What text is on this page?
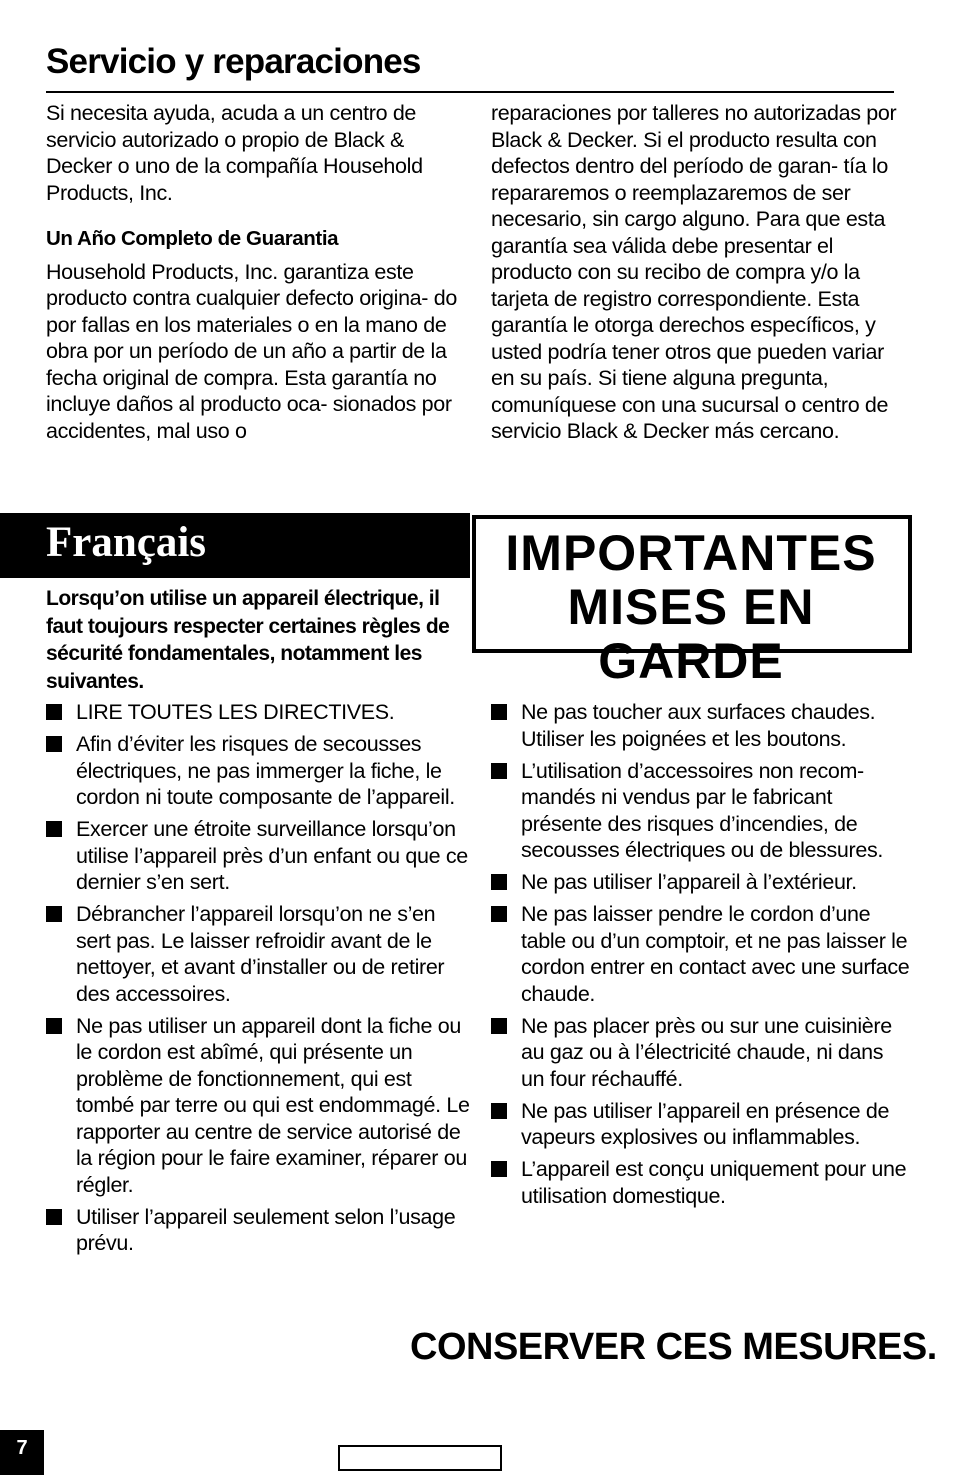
Servicio y reparaciones

Si necesita ayuda, acuda a un centro de servicio autorizado o propio de Black & Decker o uno de la compañía Household Products, Inc.

Un Año Completo de Guarantia

Household Products, Inc. garantiza este producto contra cualquier defecto origina- do por fallas en los materiales o en la mano de obra por un período de un año a partir de la fecha original de compra. Esta garantía no incluye daños al producto oca- sionados por accidentes, mal uso o

reparaciones por talleres no autorizadas por Black & Decker. Si el producto resulta con defectos dentro del período de garan- tía lo repararemos o reemplazaremos de ser necesario, sin cargo alguno. Para que esta garantía sea válida debe presentar el producto con su recibo de compra y/o la tarjeta de registro correspondiente. Esta garantía le otorga derechos específicos, y usted podría tener otros que pueden variar en su país. Si tiene alguna pregunta, comuníquese con una sucursal o centro de servicio Black & Decker más cercano.

Français	IMPORTANTES
MISES EN GARDE
Lorsqu’on utilise un appareil électrique, il faut toujours respecter certaines règles de sécurité fondamentales, notamment les suivantes.
LIRE TOUTES LES DIRECTIVES.
Afin d’éviter les risques de secousses électriques, ne pas immerger la fiche, le cordon ni toute composante de l’appareil.
Exercer une étroite surveillance lorsqu’on utilise l’appareil près d’un enfant ou que ce dernier s’en sert.
Débrancher l’appareil lorsqu’on ne s’en sert pas. Le laisser refroidir avant de le nettoyer, et avant d’installer ou de retirer des accessoires.
Ne pas utiliser un appareil dont la fiche ou le cordon est abîmé, qui présente un problème de fonctionnement, qui est tombé par terre ou qui est endommagé. Le rapporter au centre de service autorisé de la région pour le faire examiner, réparer ou régler.
Utiliser l’appareil seulement selon l’usage prévu.
Ne pas toucher aux surfaces chaudes. Utiliser les poignées et les boutons.
L’utilisation d’accessoires non recom- mandés ni vendus par le fabricant présente des risques d’incendies, de secousses électriques ou de blessures.
Ne pas utiliser l’appareil à l’extérieur.
Ne pas laisser pendre le cordon d’une table ou d’un comptoir, et ne pas laisser le cordon entrer en contact avec une surface chaude.
Ne pas placer près ou sur une cuisinière au gaz ou à l’électricité chaude, ni dans un four réchauffé.
Ne pas utiliser l’appareil en présence de vapeurs explosives ou inflammables.
L’appareil est conçu uniquement pour une utilisation domestique.
CONSERVER CES MESURES.
7
